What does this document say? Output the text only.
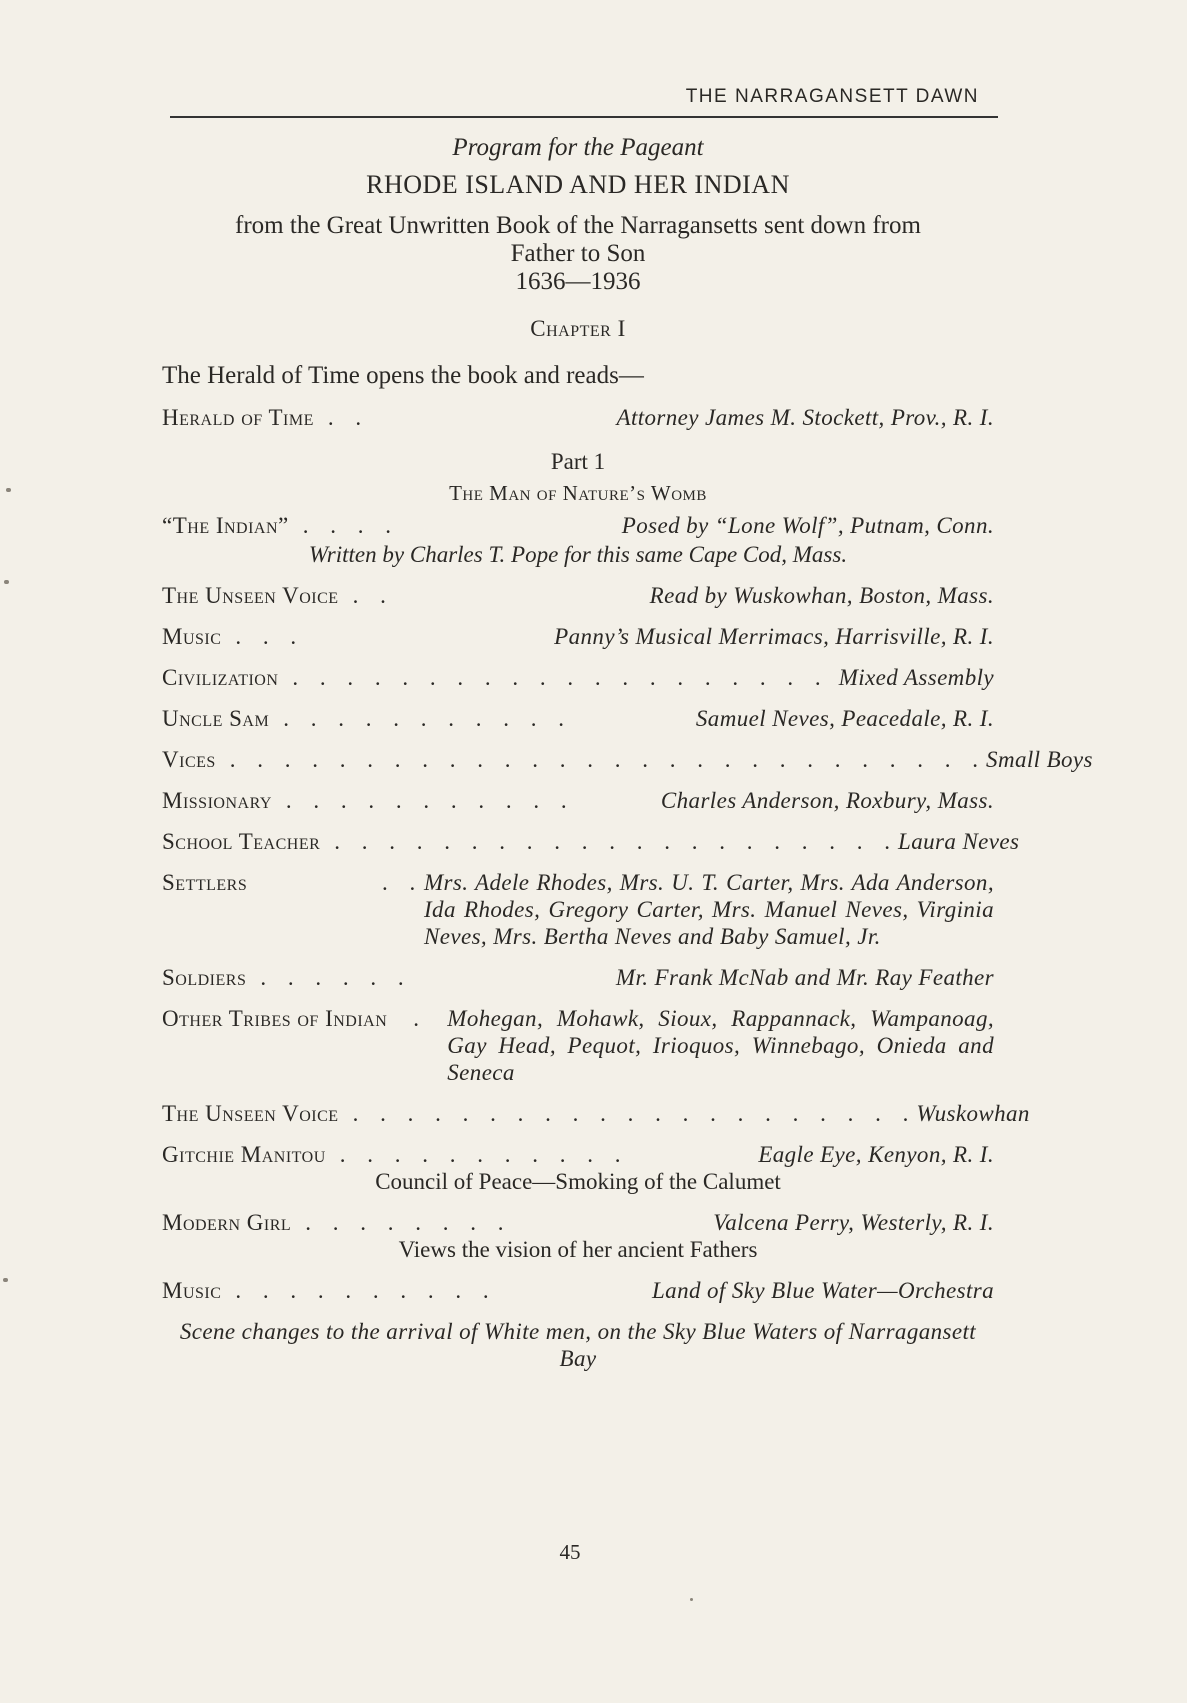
THE NARRAGANSETT DAWN
Program for the Pageant
RHODE ISLAND AND HER INDIAN
from the Great Unwritten Book of the Narragansetts sent down from
Father to Son
1636—1936
Chapter I
The Herald of Time opens the book and reads—
Herald of Time . .	Attorney James M. Stockett, Prov., R. I.
Part 1
The Man of Nature’s Womb
“The Indian” . . . .	Posed by “Lone Wolf”, Putnam, Conn.
Written by Charles T. Pope for this same Cape Cod, Mass.
The Unseen Voice . .	Read by Wuskowhan, Boston, Mass.
Music . . .	Panny’s Musical Merrimacs, Harrisville, R. I.
Civilization . . . . . . . . . . . . . . . . . . . . Mixed Assembly
Uncle Sam . . . . . . . . . . .	Samuel Neves, Peacedale, R. I.
Vices . . . . . . . . . . . . . . . . . . . . . . . . . . . . Small Boys
Missionary . . . . . . . . . . .	Charles Anderson, Roxbury, Mass.
School Teacher . . . . . . . . . . . . . . . . . . . . . Laura Neves
Settlers	. . Mrs. Adele Rhodes, Mrs. U. T. Carter, Mrs. Ada Anderson, Ida Rhodes, Gregory Carter, Mrs. Manuel Neves, Virginia Neves, Mrs. Bertha Neves and Baby Samuel, Jr.
Soldiers . . . . . .	Mr. Frank McNab and Mr. Ray Feather
Other Tribes of Indian	. Mohegan, Mohawk, Sioux, Rappannack, Wampanoag, Gay Head, Pequot, Irioquos, Winnebago, Onieda and Seneca
The Unseen Voice . . . . . . . . . . . . . . . . . . . . . Wuskowhan
Gitchie Manitou . . . . . . . . . . .	Eagle Eye, Kenyon, R. I.
Council of Peace—Smoking of the Calumet
Modern Girl . . . . . . . .	Valcena Perry, Westerly, R. I.
Views the vision of her ancient Fathers
Music . . . . . . . . . .	Land of Sky Blue Water—Orchestra
Scene changes to the arrival of White men, on the Sky Blue Waters of Narragansett Bay
45
